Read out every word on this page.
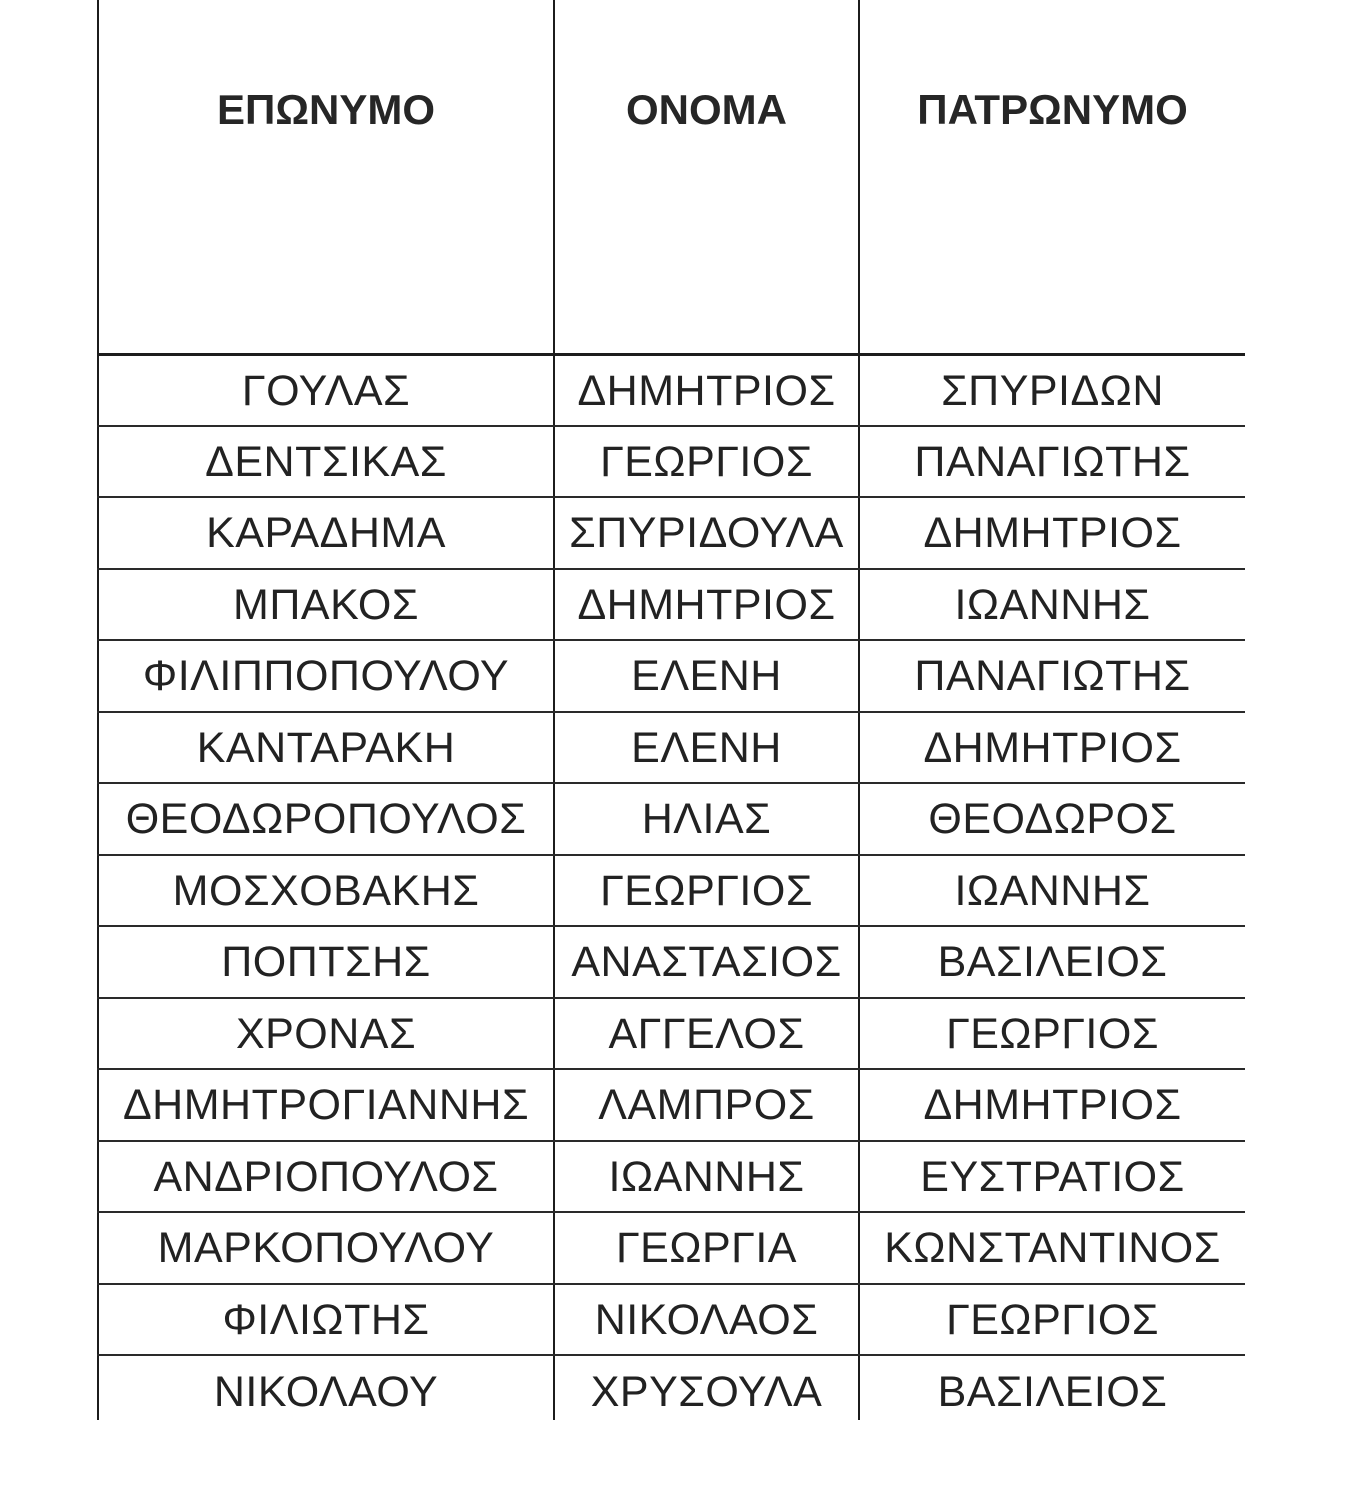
ΕΠΩΝΥΜΟ	ΟΝΟΜΑ	ΠΑΤΡΩΝΥΜΟ
ΓΟΥΛΑΣ	ΔΗΜΗΤΡΙΟΣ	ΣΠΥΡΙΔΩΝ
ΔΕΝΤΣΙΚΑΣ	ΓΕΩΡΓΙΟΣ	ΠΑΝΑΓΙΩΤΗΣ
ΚΑΡΑΔΗΜΑ	ΣΠΥΡΙΔΟΥΛΑ	ΔΗΜΗΤΡΙΟΣ
ΜΠΑΚΟΣ	ΔΗΜΗΤΡΙΟΣ	ΙΩΑΝΝΗΣ
ΦΙΛΙΠΠΟΠΟΥΛΟΥ	ΕΛΕΝΗ	ΠΑΝΑΓΙΩΤΗΣ
ΚΑΝΤΑΡΑΚΗ	ΕΛΕΝΗ	ΔΗΜΗΤΡΙΟΣ
ΘΕΟΔΩΡΟΠΟΥΛΟΣ	ΗΛΙΑΣ	ΘΕΟΔΩΡΟΣ
ΜΟΣΧΟΒΑΚΗΣ	ΓΕΩΡΓΙΟΣ	ΙΩΑΝΝΗΣ
ΠΟΠΤΣΗΣ	ΑΝΑΣΤΑΣΙΟΣ	ΒΑΣΙΛΕΙΟΣ
ΧΡΟΝΑΣ	ΑΓΓΕΛΟΣ	ΓΕΩΡΓΙΟΣ
ΔΗΜΗΤΡΟΓΙΑΝΝΗΣ	ΛΑΜΠΡΟΣ	ΔΗΜΗΤΡΙΟΣ
ΑΝΔΡΙΟΠΟΥΛΟΣ	ΙΩΑΝΝΗΣ	ΕΥΣΤΡΑΤΙΟΣ
ΜΑΡΚΟΠΟΥΛΟΥ	ΓΕΩΡΓΙΑ	ΚΩΝΣΤΑΝΤΙΝΟΣ
ΦΙΛΙΩΤΗΣ	ΝΙΚΟΛΑΟΣ	ΓΕΩΡΓΙΟΣ
ΝΙΚΟΛΑΟΥ	ΧΡΥΣΟΥΛΑ	ΒΑΣΙΛΕΙΟΣ
